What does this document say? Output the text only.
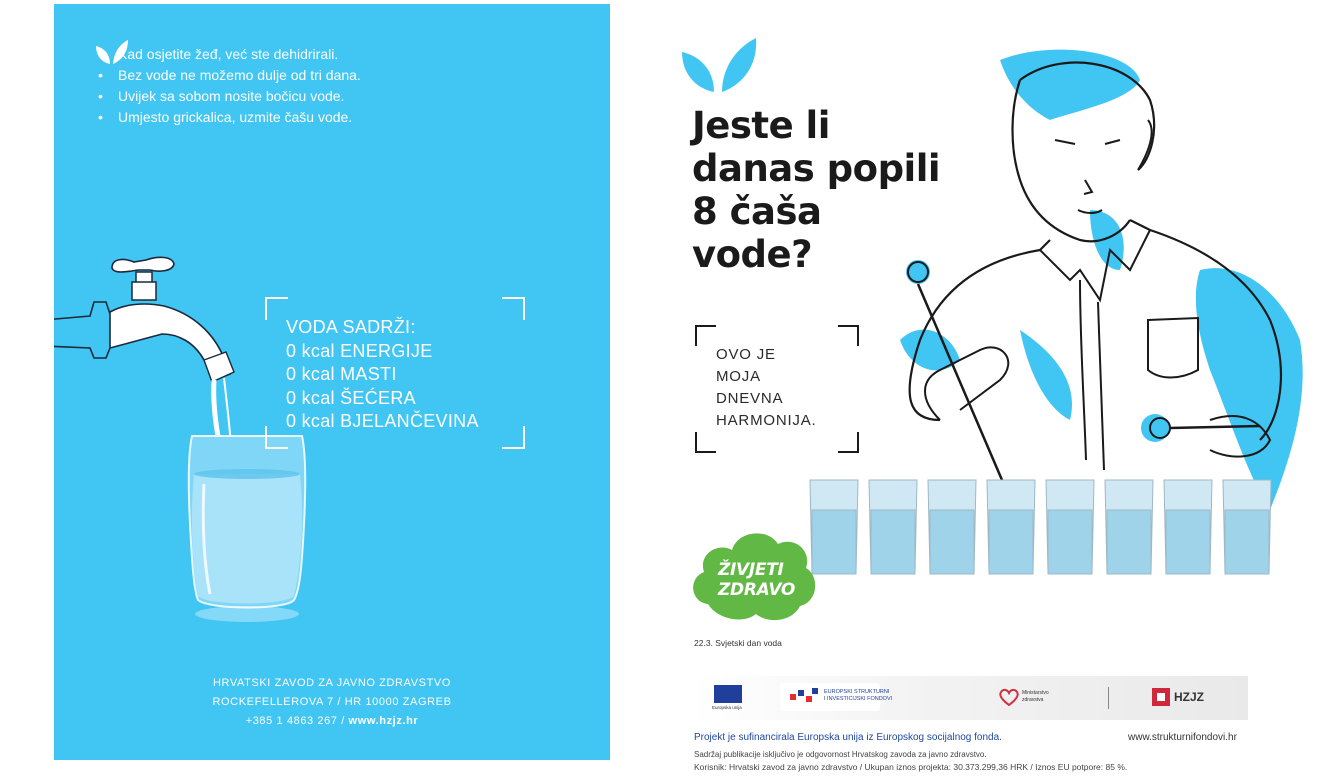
• Kad osjetite žeđ, već ste dehidrirali.
• Bez vode ne možemo dulje od tri dana.
• Uvijek sa sobom nosite bočicu vode.
• Umjesto grickalica, uzmite čašu vode.
VODA SADRŽI:
0 kcal ENERGIJE
0 kcal MASTI
0 kcal ŠEĆERA
0 kcal BJELANČEVINA
HRVATSKI ZAVOD ZA JAVNO ZDRAVSTVO
ROCKEFELLEROVA 7 / HR 10000 ZAGREB
+385 1 4863 267 / www.hzjz.hr
Jeste li
danas popili
8 čaša
vode?
OVO JE
MOJA
DNEVNA
HARMONIJA.
ŽIVJETI
ZDRAVO
22.3. Svjetski dan voda
Europska unija
EUROPSKI STRUKTURNI
I INVESTICIJSKI FONDOVI
Ministarstvo
zdravstva	HZJZ
Projekt je sufinancirala Europska unija iz Europskog socijalnog fonda.	www.strukturnifondovi.hr
Sadržaj publikacije isključivo je odgovornost Hrvatskog zavoda za javno zdravstvo.
Korisnik: Hrvatski zavod za javno zdravstvo / Ukupan iznos projekta: 30.373.299,36 HRK / Iznos EU potpore: 85 %.
